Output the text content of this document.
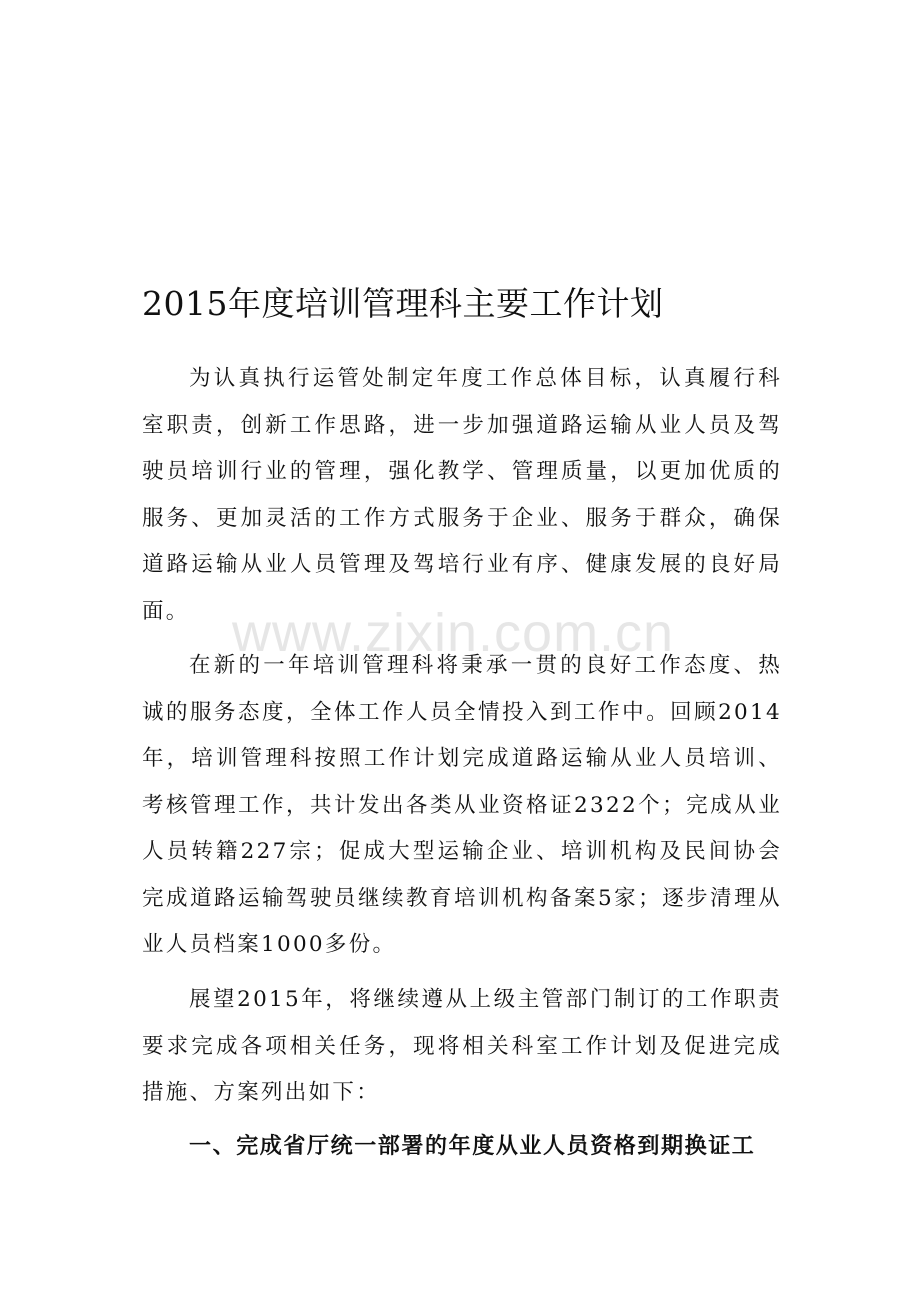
2015年度培训管理科主要工作计划

为认真执行运管处制定年度工作总体目标，认真履行科室职责，创新工作思路，进一步加强道路运输从业人员及驾驶员培训行业的管理，强化教学、管理质量，以更加优质的服务、更加灵活的工作方式服务于企业、服务于群众，确保道路运输从业人员管理及驾培行业有序、健康发展的良好局面。

在新的一年培训管理科将秉承一贯的良好工作态度、热诚的服务态度，全体工作人员全情投入到工作中。回顾2014年，培训管理科按照工作计划完成道路运输从业人员培训、考核管理工作，共计发出各类从业资格证2322个；完成从业人员转籍227宗；促成大型运输企业、培训机构及民间协会完成道路运输驾驶员继续教育培训机构备案5家；逐步清理从业人员档案1000多份。

展望2015年，将继续遵从上级主管部门制订的工作职责要求完成各项相关任务，现将相关科室工作计划及促进完成措施、方案列出如下：

一、完成省厅统一部署的年度从业人员资格到期换证工

www.zixin.com.cn
